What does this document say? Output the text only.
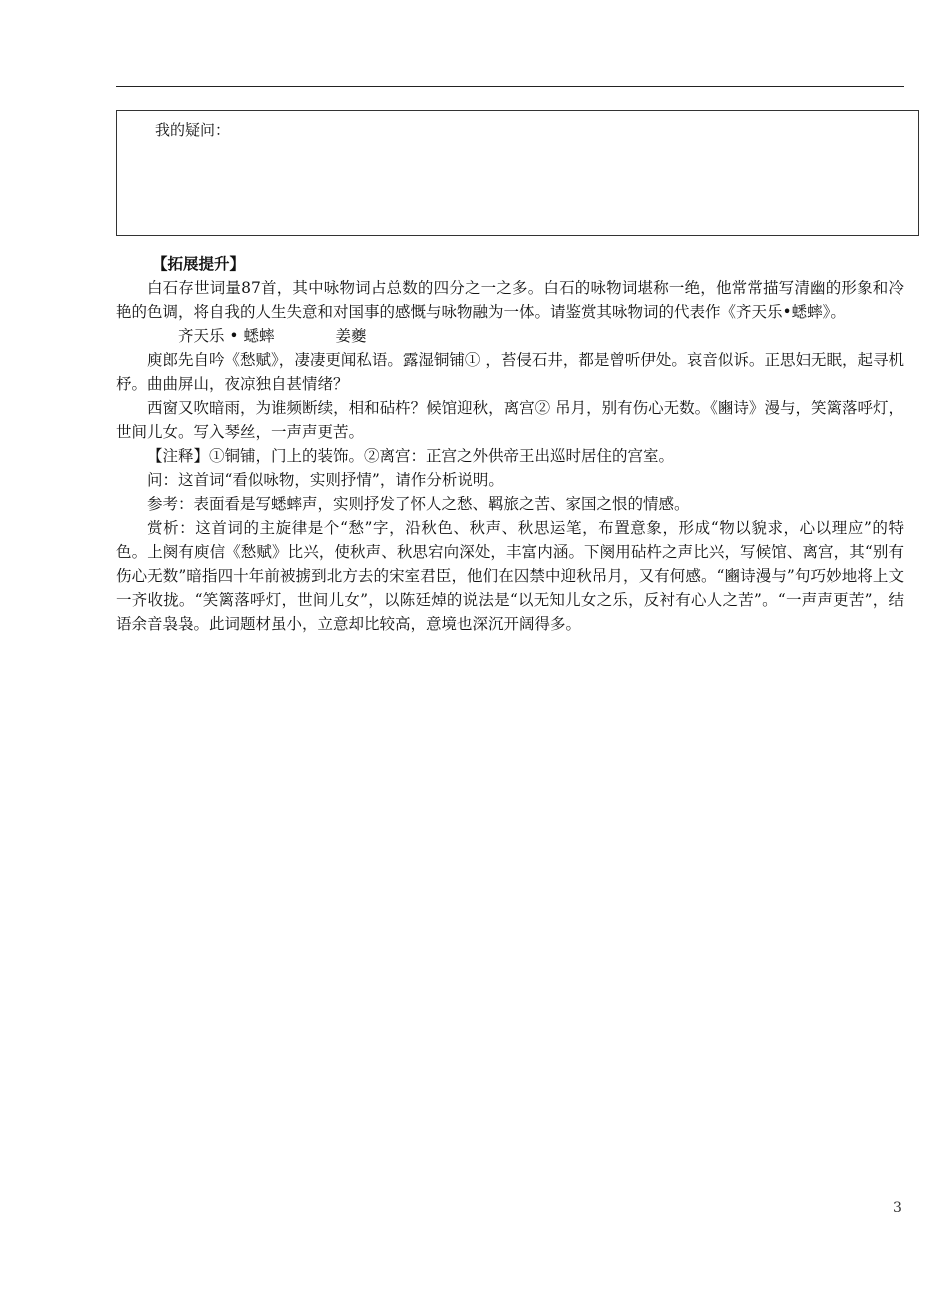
我的疑问：

【拓展提升】

白石存世词量87首，其中咏物词占总数的四分之一之多。白石的咏物词堪称一绝，他常常描写清幽的形象和冷艳的色调，将自我的人生失意和对国事的感慨与咏物融为一体。请鉴赏其咏物词的代表作《齐天乐•蟋蟀》。

齐天乐 • 蟋蟀	姜夔

庾郎先自吟《愁赋》，凄凄更闻私语。露湿铜铺① ，苔侵石井，都是曾听伊处。哀音似诉。正思妇无眠，起寻机杼。曲曲屏山，夜凉独自甚情绪？

西窗又吹暗雨，为谁频断续，相和砧杵？候馆迎秋，离宫② 吊月，别有伤心无数。《豳诗》漫与，笑篱落呼灯，世间儿女。写入琴丝，一声声更苦。

【注释】①铜铺，门上的装饰。②离宫：正宫之外供帝王出巡时居住的宫室。

问：这首词“看似咏物，实则抒情”，请作分析说明。

参考：表面看是写蟋蟀声，实则抒发了怀人之愁、羁旅之苦、家国之恨的情感。

赏析：这首词的主旋律是个“愁”字，沿秋色、秋声、秋思运笔，布置意象，形成“物以貌求，心以理应”的特色。上阕有庾信《愁赋》比兴，使秋声、秋思宕向深处，丰富内涵。下阕用砧杵之声比兴，写候馆、离宫，其“别有伤心无数”暗指四十年前被掳到北方去的宋室君臣，他们在囚禁中迎秋吊月，又有何感。“豳诗漫与”句巧妙地将上文一齐收拢。“笑篱落呼灯，世间儿女”，以陈廷焯的说法是“以无知儿女之乐，反衬有心人之苦”。“一声声更苦”，结语余音袅袅。此词题材虽小，立意却比较高，意境也深沉开阔得多。

3
